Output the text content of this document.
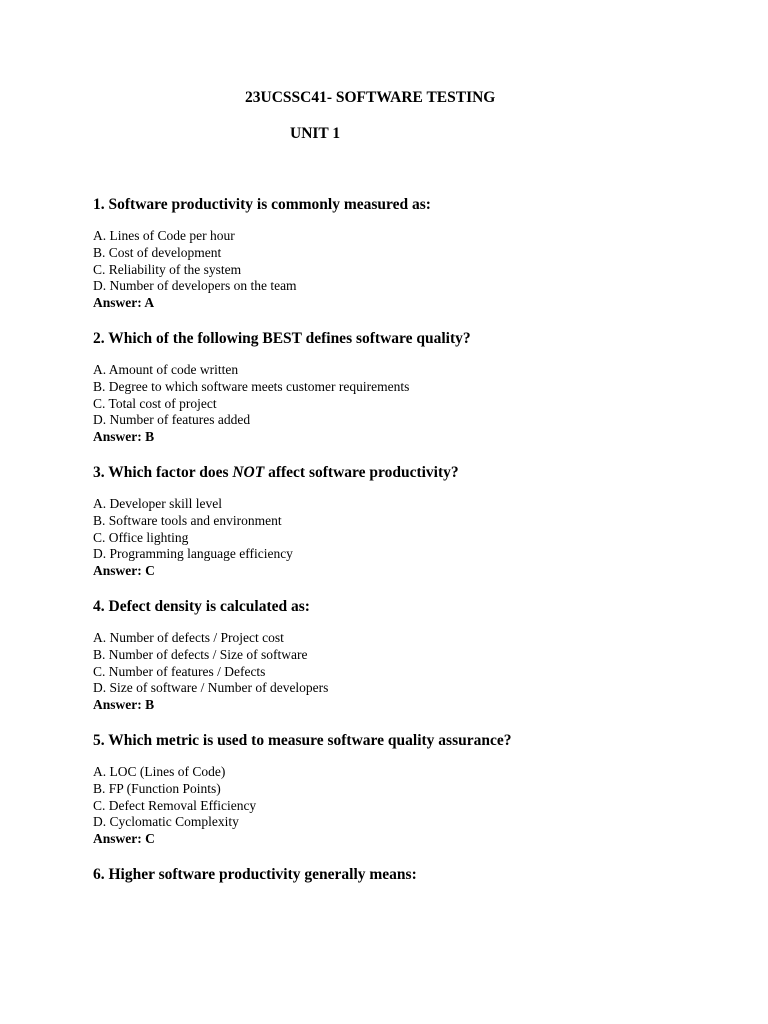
23UCSSC41- SOFTWARE TESTING
UNIT 1
1. Software productivity is commonly measured as:
A. Lines of Code per hour
B. Cost of development
C. Reliability of the system
D. Number of developers on the team
Answer: A
2. Which of the following BEST defines software quality?
A. Amount of code written
B. Degree to which software meets customer requirements
C. Total cost of project
D. Number of features added
Answer: B
3. Which factor does NOT affect software productivity?
A. Developer skill level
B. Software tools and environment
C. Office lighting
D. Programming language efficiency
Answer: C
4. Defect density is calculated as:
A. Number of defects / Project cost
B. Number of defects / Size of software
C. Number of features / Defects
D. Size of software / Number of developers
Answer: B
5. Which metric is used to measure software quality assurance?
A. LOC (Lines of Code)
B. FP (Function Points)
C. Defect Removal Efficiency
D. Cyclomatic Complexity
Answer: C
6. Higher software productivity generally means:
